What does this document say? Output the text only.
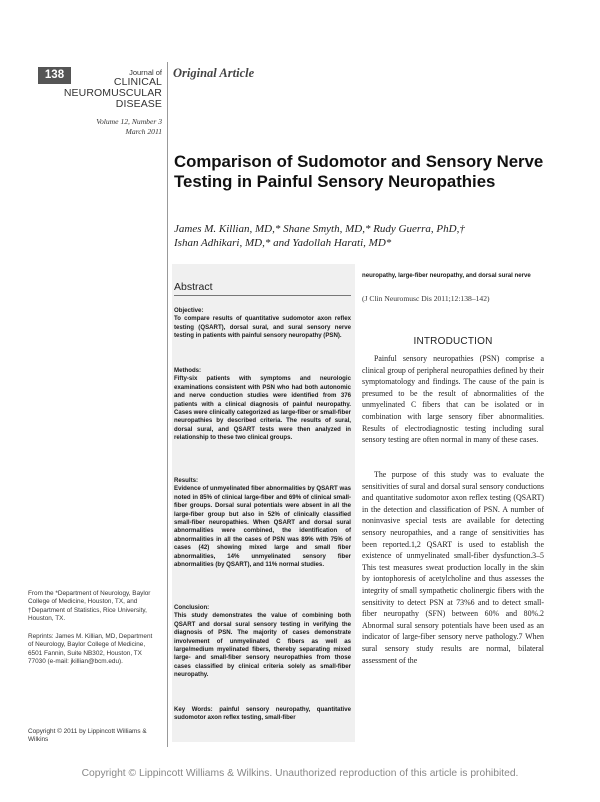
138	Journal of
CLINICAL
NEUROMUSCULAR
DISEASE
Volume 12, Number 3
March 2011
Original Article
Comparison of Sudomotor and Sensory Nerve Testing in Painful Sensory Neuropathies
James M. Killian, MD,* Shane Smyth, MD,* Rudy Guerra, PhD,†
Ishan Adhikari, MD,* and Yadollah Harati, MD*
Abstract
Objective:
To compare results of quantitative sudomotor axon reflex testing (QSART), dorsal sural, and sural sensory nerve testing in patients with painful sensory neuropathy (PSN).
Methods:
Fifty-six patients with symptoms and neurologic examinations consistent with PSN who had both autonomic and nerve conduction studies were identified from 376 patients with a clinical diagnosis of painful neuropathy. Cases were clinically categorized as large-fiber or small-fiber neuropathies by described criteria. The results of sural, dorsal sural, and QSART tests were then analyzed in relationship to these two clinical groups.
Results:
Evidence of unmyelinated fiber abnormalities by QSART was noted in 85% of clinical large-fiber and 69% of clinical small-fiber groups. Dorsal sural potentials were absent in all the large-fiber group but also in 52% of clinically classified small-fiber neuropathies. When QSART and dorsal sural abnormalities were combined, the identification of abnormalities in all the cases of PSN was 89% with 75% of cases (42) showing mixed large and small fiber abnormalities, 14% unmyelinated sensory fiber abnormalities (by QSART), and 11% normal studies.
Conclusion:
This study demonstrates the value of combining both QSART and dorsal sural sensory testing in verifying the diagnosis of PSN. The majority of cases demonstrate involvement of unmyelinated C fibers as well as large/medium myelinated fibers, thereby separating mixed large- and small-fiber sensory neuropathies from those cases classified by clinical criteria solely as small-fiber neuropathy.
Key Words: painful sensory neuropathy, quantitative sudomotor axon reflex testing, small-fiber
neuropathy, large-fiber neuropathy, and dorsal sural nerve
(J Clin Neuromusc Dis 2011;12:138–142)
INTRODUCTION
Painful sensory neuropathies (PSN) comprise a clinical group of peripheral neuropathies defined by their symptomatology and findings. The cause of the pain is presumed to be the result of abnormalities of the unmyelinated C fibers that can be isolated or in combination with large sensory fiber abnormalities. Results of electrodiagnostic testing including sural sensory testing are often normal in many of these cases.
The purpose of this study was to evaluate the sensitivities of sural and dorsal sural sensory conductions and quantitative sudomotor axon reflex testing (QSART) in the detection and classification of PSN. A number of noninvasive special tests are available for detecting sensory neuropathies, and a range of sensitivities has been reported.1,2 QSART is used to establish the existence of unmyelinated small-fiber dysfunction.3–5 This test measures sweat production locally in the skin by iontophoresis of acetylcholine and thus assesses the integrity of small sympathetic cholinergic fibers with the sensitivity to detect PSN at 73%6 and to detect small-fiber neuropathy (SFN) between 60% and 80%.2 Abnormal sural sensory potentials have been used as an indicator of large-fiber sensory nerve pathology.7 When sural sensory study results are normal, bilateral assessment of the
From the *Department of Neurology, Baylor College of Medicine, Houston, TX, and †Department of Statistics, Rice University, Houston, TX.
Reprints: James M. Killian, MD, Department of Neurology, Baylor College of Medicine, 6501 Fannin, Suite NB302, Houston, TX 77030 (e-mail: jkillian@bcm.edu).
Copyright © 2011 by Lippincott Williams & Wilkins
Copyright © Lippincott Williams & Wilkins. Unauthorized reproduction of this article is prohibited.
